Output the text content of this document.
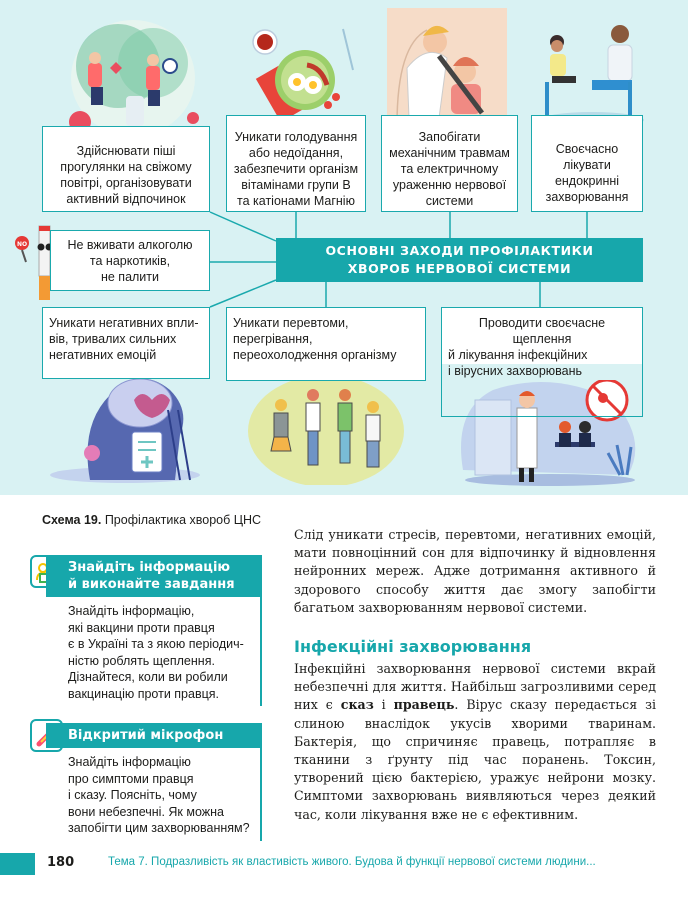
NO
Здійснювати піші
прогулянки на свіжому
повітрі, організовувати
активний відпочинок
Уникати голодування
або недоїдання,
забезпечити організм
вітамінами групи В
та катіонами Магнію
Запобігати
механічним травмам
та електричному
ураженню нервової
системи
Своєчасно
лікувати
ендокринні
захворювання
Не вживати алкоголю
та наркотиків,
не палити
ОСНОВНІ ЗАХОДИ ПРОФІЛАКТИКИ
ХВОРОБ НЕРВОВОЇ СИСТЕМИ
Уникати негативних впли-
вів, тривалих сильних
негативних емоцій
Уникати перевтоми,
перегрівання,
переохолодження організму
Проводити своєчасне щеплення
й лікування інфекційних
і вірусних захворювань
Схема 19. Профілактика хвороб ЦНС
Знайдіть інформацію
й виконайте завдання
Знайдіть інформацію,
які вакцини проти правця
є в Україні та з якою періодич-
ністю роблять щеплення.
Дізнайтеся, коли ви робили
вакцинацію проти правця.
Відкритий мікрофон
Знайдіть інформацію
про симптоми правця
і сказу. Поясніть, чому
вони небезпечні. Як можна
запобігти цим захворюванням?
Слід уникати стресів, перевтоми, негативних емоцій, мати повноцінний сон для відпочинку й відновлення нейронних мереж. Адже дотримання активного й здорового способу життя дає змогу запобігти багатьом захворюванням нервової системи.
Інфекційні захворювання
Інфекційні захворювання нервової системи вкрай небезпечні для життя. Найбільш загрозливими серед них є сказ і правець. Вірус сказу передається зі слиною внаслідок укусів хворими тваринам. Бактерія, що спричиняє правець, потрапляє в тканини з ґрунту під час поранень. Токсин, утворений цією бактерією, уражує нейрони мозку. Симптоми захворювань виявляються через деякий час, коли лікування вже не є ефективним.
180	Тема 7. Подразливість як властивість живого. Будова й функції нервової системи людини...
